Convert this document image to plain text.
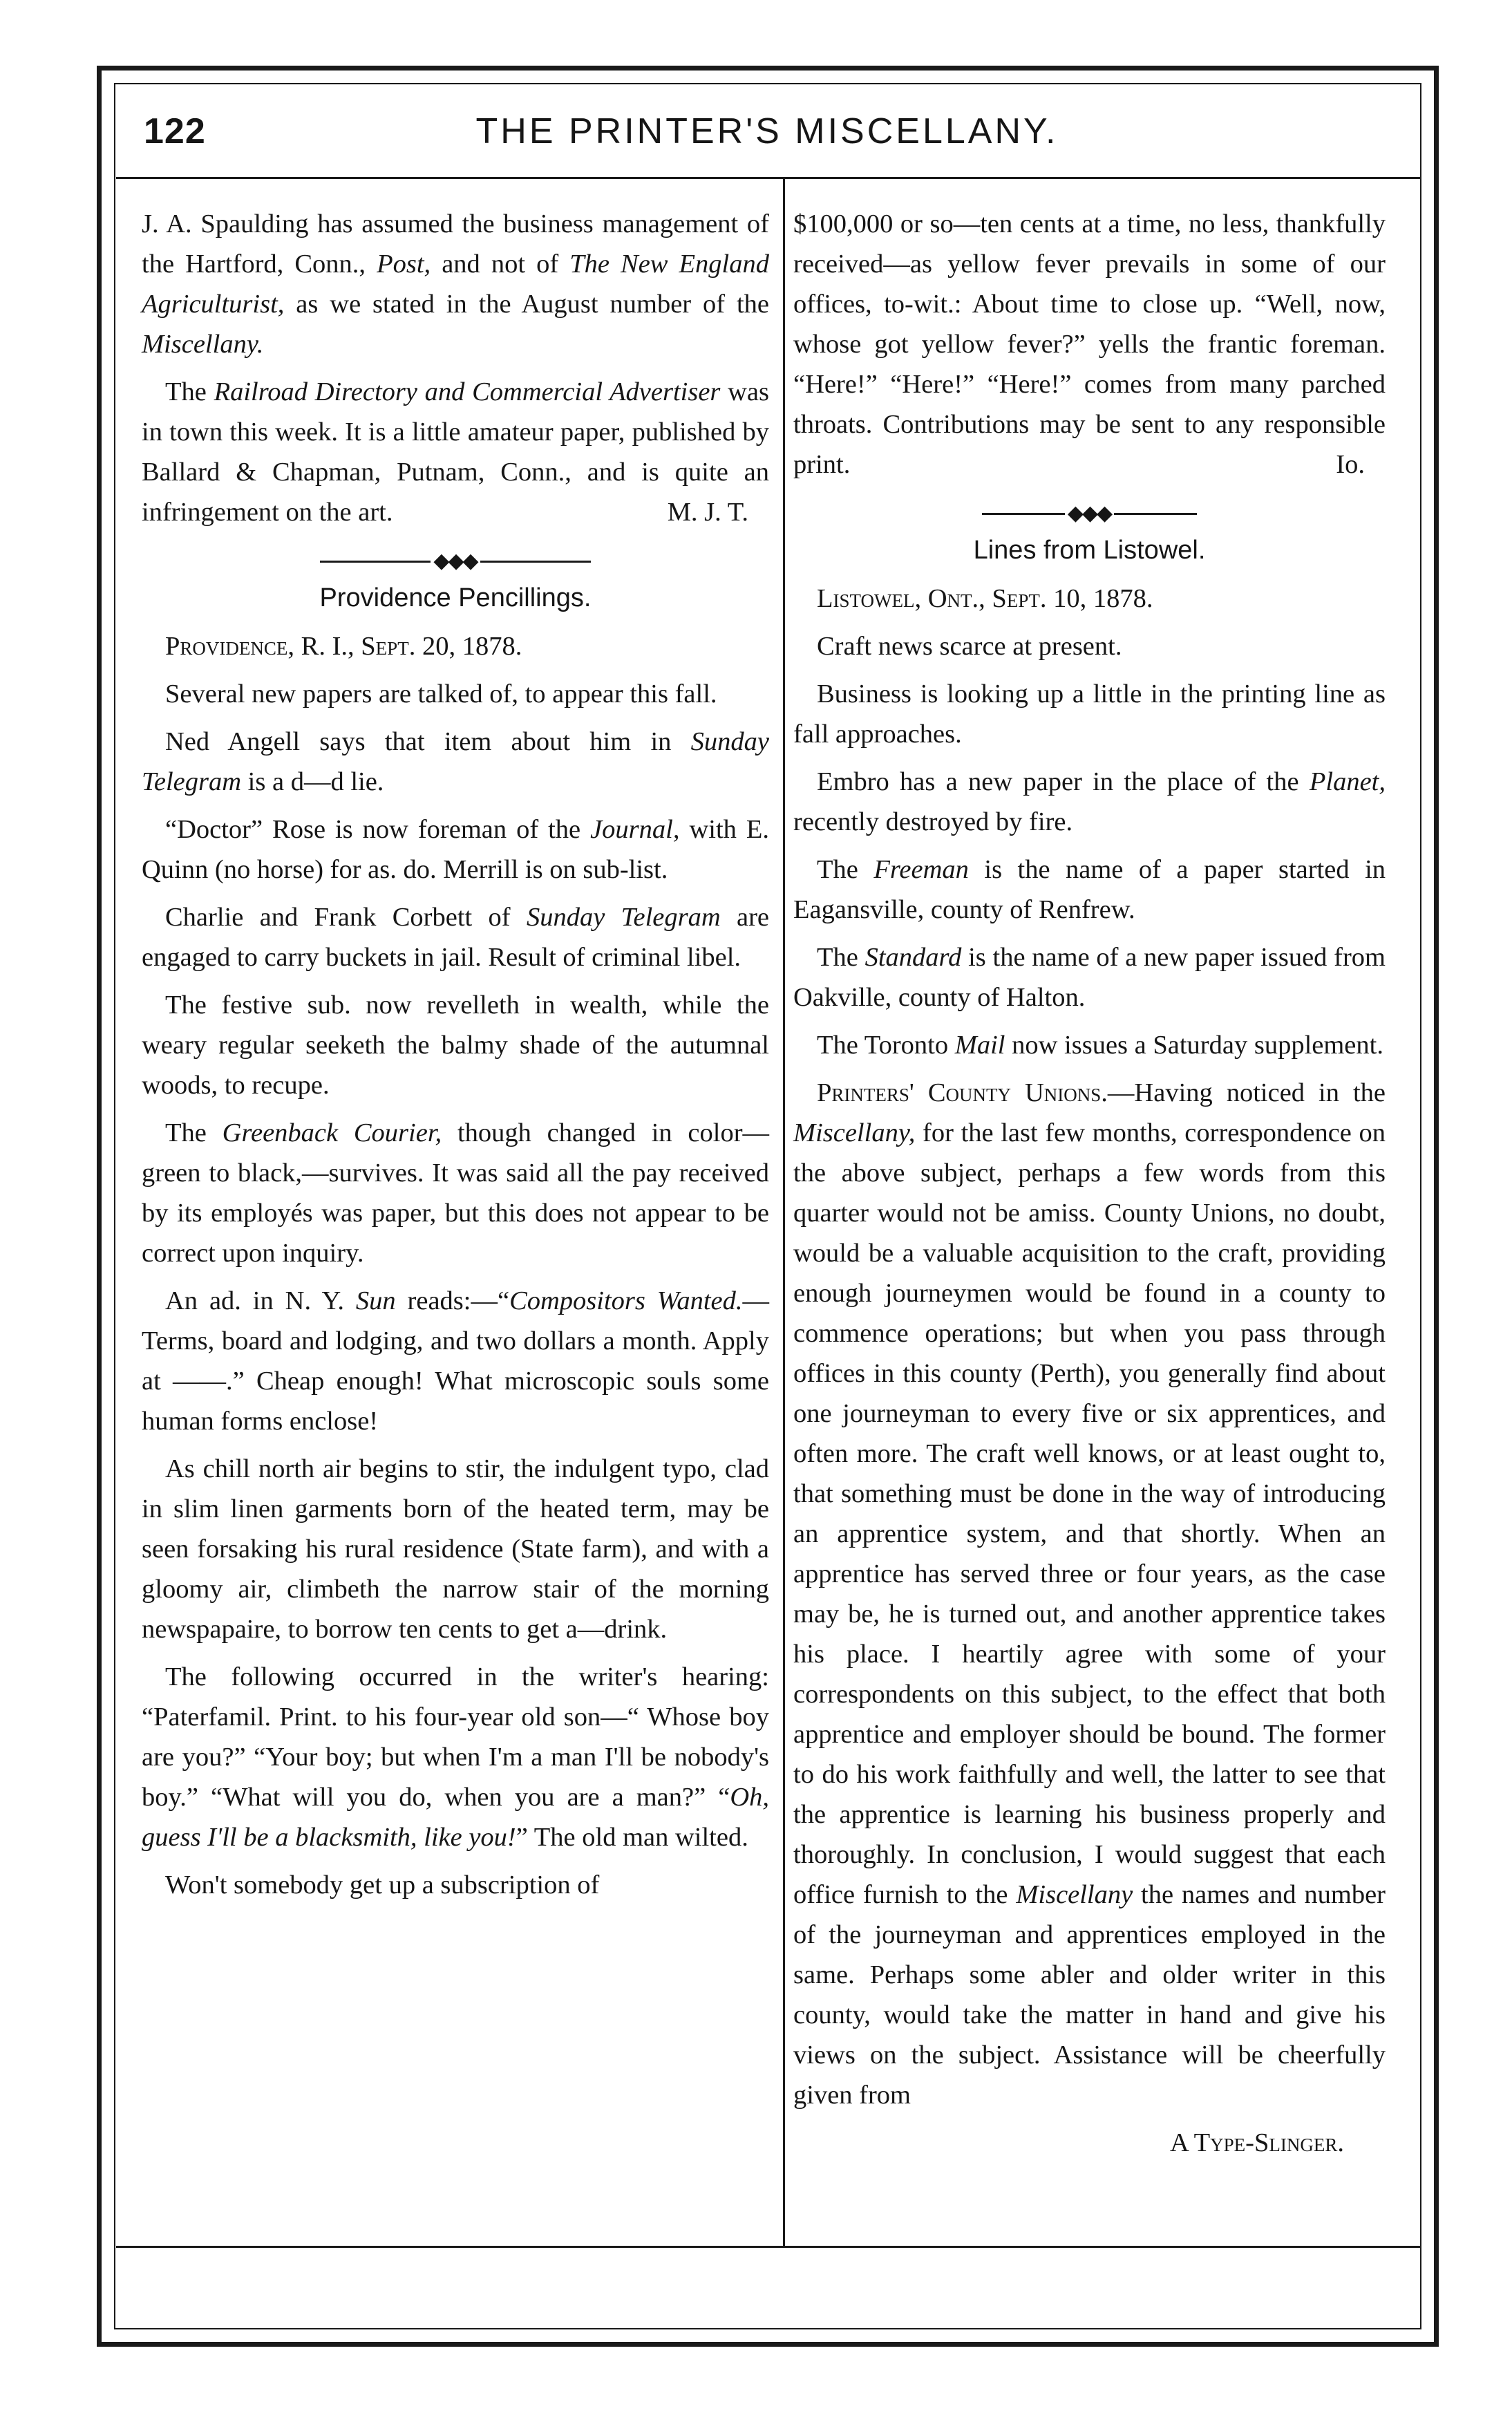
122	THE PRINTER'S MISCELLANY.

J. A. Spaulding has assumed the business management of the Hartford, Conn., Post, and not of The New England Agriculturist, as we stated in the August number of the Miscellany.

The Railroad Directory and Commercial Advertiser was in town this week. It is a little amateur paper, published by Ballard & Chapman, Putnam, Conn., and is quite an infringement on the art.	M. J. T.

◆◆◆
Providence Pencillings.

Providence, R. I., Sept. 20, 1878.

Several new papers are talked of, to appear this fall.

Ned Angell says that item about him in Sunday Telegram is a d—d lie.

“Doctor” Rose is now foreman of the Journal, with E. Quinn (no horse) for as. do. Merrill is on sub-list.

Charlie and Frank Corbett of Sunday Telegram are engaged to carry buckets in jail. Result of criminal libel.

The festive sub. now revelleth in wealth, while the weary regular seeketh the balmy shade of the autumnal woods, to recupe.

The Greenback Courier, though changed in color—green to black,—survives. It was said all the pay received by its employés was paper, but this does not appear to be correct upon inquiry.

An ad. in N. Y. Sun reads:—“Compositors Wanted.—Terms, board and lodging, and two dollars a month. Apply at ——.” Cheap enough! What microscopic souls some human forms enclose!

As chill north air begins to stir, the indulgent typo, clad in slim linen garments born of the heated term, may be seen forsaking his rural residence (State farm), and with a gloomy air, climbeth the narrow stair of the morning newspapaire, to borrow ten cents to get a—drink.

The following occurred in the writer's hearing: “Paterfamil. Print. to his four-year old son—“ Whose boy are you?” “Your boy; but when I'm a man I'll be nobody's boy.” “What will you do, when you are a man?” “Oh, guess I'll be a blacksmith, like you!” The old man wilted.

Won't somebody get up a subscription of

$100,000 or so—ten cents at a time, no less, thankfully received—as yellow fever prevails in some of our offices, to-wit.: About time to close up. “Well, now, whose got yellow fever?” yells the frantic foreman. “Here!” “Here!” “Here!” comes from many parched throats. Contributions may be sent to any responsible print.	Io.

◆◆◆
Lines from Listowel.

Listowel, Ont., Sept. 10, 1878.

Craft news scarce at present.

Business is looking up a little in the printing line as fall approaches.

Embro has a new paper in the place of the Planet, recently destroyed by fire.

The Freeman is the name of a paper started in Eagansville, county of Renfrew.

The Standard is the name of a new paper issued from Oakville, county of Halton.

The Toronto Mail now issues a Saturday supplement.

Printers' County Unions.—Having noticed in the Miscellany, for the last few months, correspondence on the above subject, perhaps a few words from this quarter would not be amiss. County Unions, no doubt, would be a valuable acquisition to the craft, providing enough journeymen would be found in a county to commence operations; but when you pass through offices in this county (Perth), you generally find about one journeyman to every five or six apprentices, and often more. The craft well knows, or at least ought to, that something must be done in the way of introducing an apprentice system, and that shortly. When an apprentice has served three or four years, as the case may be, he is turned out, and another apprentice takes his place. I heartily agree with some of your correspondents on this subject, to the effect that both apprentice and employer should be bound. The former to do his work faithfully and well, the latter to see that the apprentice is learning his business properly and thoroughly. In conclusion, I would suggest that each office furnish to the Miscellany the names and number of the journeyman and apprentices employed in the same. Perhaps some abler and older writer in this county, would take the matter in hand and give his views on the subject. Assistance will be cheerfully given from

A Type-Slinger.
